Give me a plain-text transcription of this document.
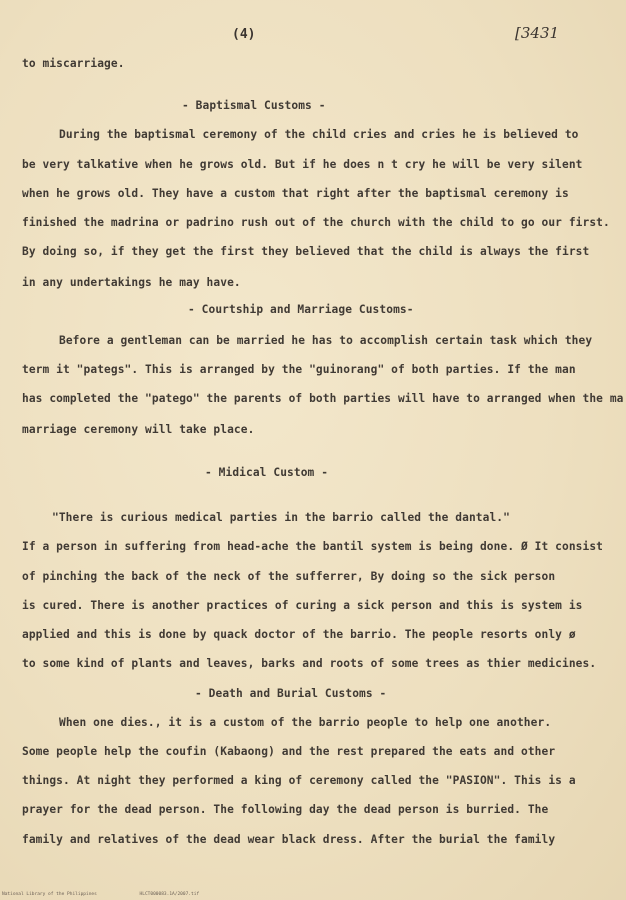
(4)	[3431
to miscarriage.
- Baptismal Customs -
During the baptismal ceremony of the child cries and cries he is believed to
be very talkative when he grows old. But if he does n t cry he will be very silent
when he grows old. They have a custom that right after the baptismal ceremony is
finished the madrina or padrino rush out of the church with the child to go our first.
By doing so, if they get the first they believed that the child is always the first
in any undertakings he may have.
- Courtship and Marriage Customs-
Before a gentleman can be married he has to accomplish certain task which they
term it "pategs". This is arranged by the "guinorang" of both parties. If the man
has completed the "patego" the parents of both parties will have to arranged when the ma
marriage ceremony will take place.
- Midical Custom -
"There is curious medical parties in the barrio called the dantal."
If a person in suffering from head-ache the bantil system is being done. Ø It consist
of pinching the back of the neck of the sufferrer, By doing so the sick person
is cured. There is another practices of curing a sick person and this is system is
applied and this is done by quack doctor of the barrio. The people resorts only ø
to some kind of plants and leaves, barks and roots of some trees as thier medicines.
- Death and Burial Customs -
When one dies., it is a custom of the barrio people to help one another.
Some people help the coufin (Kabaong) and the rest prepared the eats and other
things. At night they performed a king of ceremony called the "PASION". This is a
prayer for the dead person. The following day the dead person is burried. The
family and relatives of the dead wear black dress. After the burial the family
National Library of the Philippines	HLCT000083.1A/2007.tif
